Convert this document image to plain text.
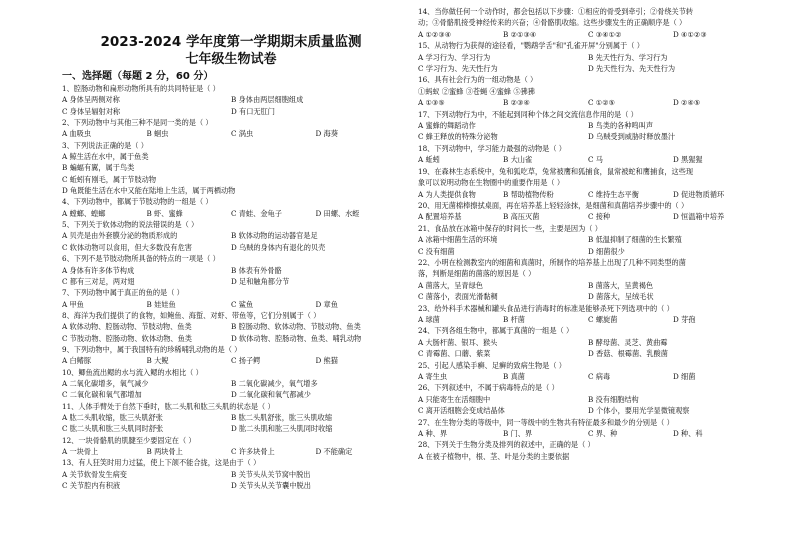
2023-2024 学年度第一学期期末质量监测
七年级生物试卷
一、选择题（每题 2 分，60 分）
1、腔肠动物和扁形动物所具有的共同特征是（ ）
A 身体呈两侧对称	B 身体由两层细胞组成
C 身体呈辐射对称	D 有口无肛门
2、下列动物中与其他三种不是同一类的是（ ）
A 血吸虫	B 蛔虫	C 涡虫	D 海葵
3、下列说法正确的是（ ）
A 鲸生活在水中，属于鱼类
B 蝙蝠有翼，属于鸟类
C 蚯蚓有刚毛，属于节肢动物
D 龟既能生活在水中又能在陆地上生活，属于两栖动物
4、下列动物中，都属于节肢动物的一组是（ ）
A 螳螂、蝗螂	B 虾、蜜蜂	C 青蛙、金龟子	D 田螺、水蛭
5、下列关于软体动物的说法错误的是（ ）
A 贝壳是由外套膜分泌的物质形成的	B 软体动物的运动器官是足
C 软体动物可以食用，但大多数没有危害	D 乌贼的身体内有退化的贝壳
6、下列不是节肢动物所具备的特点的一项是（ ）
A 身体有许多体节构成	B 体表有外骨骼
C 都有三对足，两对翅	D 足和触角都分节
7、下列动物中属于真正的鱼的是（ ）
A 甲鱼	B 娃娃鱼	C 鲨鱼	D 章鱼
8、海洋为我们提供了的食物，如鲍鱼、海蜇、对虾、带鱼等，它们分别属于（ ）
A 软体动物、腔肠动物、节肢动物、鱼类	B 腔肠动物、软体动物、节肢动物、鱼类
C 节肢动物、腔肠动物、软体动物、鱼类	D 软体动物、腔肠动物、鱼类、哺乳动物
9、下列动物中，属于我国特有的珍稀哺乳动物的是（ ）
A 白鳍豚	B 大鲵	C 扬子鳄	D 熊猫
10、鲫鱼流出鳃的水与流入鳃的水相比（ ）
A 二氧化碳增多，氧气减少	B 二氧化碳减少，氧气增多
C 二氧化碳和氧气都增加	D 二氧化碳和氧气都减少
11、人体手臂处于自然下垂时，肱二头肌和肱三头肌的状态是（ ）
A 肱二头肌收缩，肱三头肌舒张	B 肱二头肌舒张，肱三头肌收缩
C 肱二头肌和肱三头肌同时舒张	D 肱二头肌和肱三头肌同时收缩
12、一块骨骼肌的肌腱至少要固定在（ ）
A 一块骨上	B 两块骨上	C 许多块骨上	D 不能确定
13、有人狂笑时用力过猛，使上下颌不能合拢，这是由于（ ）
A 关节软骨发生病变	B 关节头从关节窝中脱出
C 关节腔内有积液	D 关节头从关节囊中脱出
14、当你做任何一个动作时，都会包括以下步骤：①相应的骨受到牵引；②骨绕关节转
动；③骨骼肌接受神经传来的兴奋；④骨骼肌收缩。这些步骤发生的正确顺序是（ ）
A ①②③④	B ②①③④	C ③④①②	D ④①②③
15、从动物行为获得的途径看，"鹦鹉学舌"和"孔雀开屏"分别属于（ ）
A 学习行为、学习行为	B 先天性行为、学习行为
C 学习行为、先天性行为	D 先天性行为、先天性行为
16、具有社会行为的一组动物是（ ）
①蚂蚁 ②蜜蜂 ③苍蝇 ④蜜蜂 ⑤狒狒
A ①③⑤	B ②③④	C ①②⑤	D ②④⑤
17、下列动物行为中，不能起到同种个体之间交流信息作用的是（ ）
A 蜜蜂的舞蹈动作	B 鸟类的各种鸣叫声
C 蜂王释放的特殊分泌物	D 乌贼受到威胁时释放墨汁
18、下列动物中，学习能力最强的动物是（ ）
A 蚯蚓	B 大山雀	C 马	D 黑猩猩
19、在森林生态系统中，兔和狐吃草，兔常被鹰和狐捕食，鼠常被蛇和鹰捕食，这些现
象可以说明动物在生物圈中的重要作用是（ ）
A 为人类提供食物	B 帮助植物传粉	C 维持生态平衡	D 促进物质循环
20、用无菌棉棒擦拭桌面，再在培养基上轻轻涂抹，是细菌和真菌培养步骤中的（ ）
A 配置培养基	B 高压灭菌	C 接种	D 恒温箱中培养
21、食品放在冰箱中保存的时间长一些，主要是因为（ ）
A 冰箱中细菌生活的环境	B 低温抑制了细菌的生长繁殖
C 没有细菌	D 细菌很少
22、小明在检测教室内的细菌和真菌时，所制作的培养基上出现了几种不同类型的菌
落，判断是细菌的菌落的原因是（ ）
A 菌落大，呈青绿色	B 菌落大，呈黄褐色
C 菌落小，表面光滑黏稠	D 菌落大，呈绒毛状
23、给外科手术器械和罐头食品进行消毒时的标准是能够杀死下列选项中的（ ）
A 球菌	B 杆菌	C 螺旋菌	D 芽孢
24、下列各组生物中，都属于真菌的一组是（ ）
A 大肠杆菌、银耳、猴头	B 酵母菌、灵芝、黄曲霉
C 青霉菌、口蘑、紫菜	D 香菇、根霉菌、乳酸菌
25、引起人感染手癣、足癣的致病生物是（ ）
A 寄生虫	B 真菌	C 病毒	D 细菌
26、下列叙述中，不属于病毒特点的是（ ）
A 只能寄生在活细胞中	B 没有细胞结构
C 离开活细胞会变成结晶体	D 个体小，要用光学显微镜观察
27、在生物分类的等级中，同一等级中的生物共有特征最多和最少的分别是（ ）
A 种、界	B 门、界	C 界、种	D 种、科
28、下列关于生物分类及排列的叙述中，正确的是（ ）
A 在被子植物中，根、茎、叶是分类的主要依据
